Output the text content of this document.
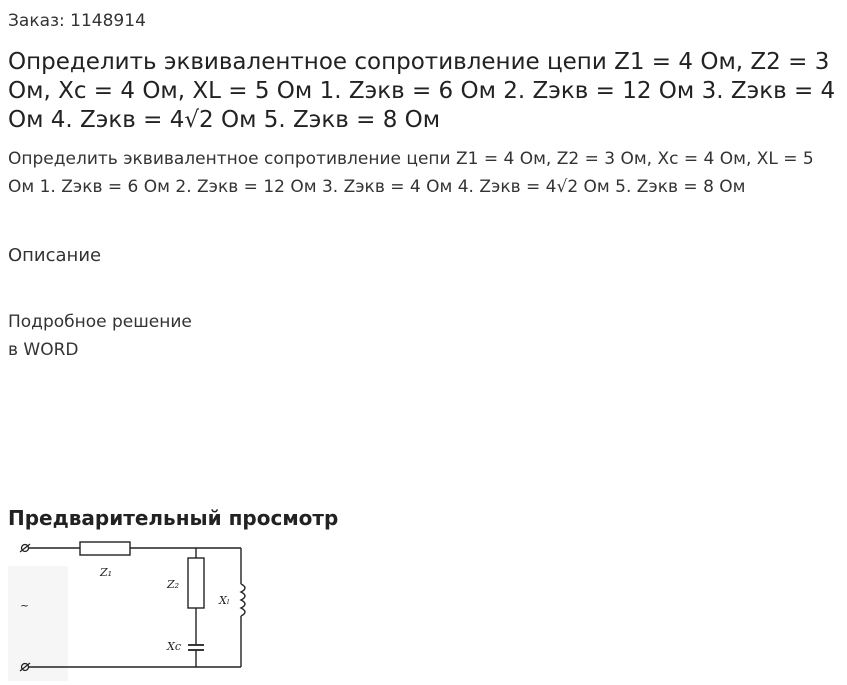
Заказ: 1148914
Определить эквивалентное сопротивление цепи Z1 = 4 Ом, Z2 = 3 Ом, Xc = 4 Ом, XL = 5 Ом 1. Zэкв = 6 Ом 2. Zэкв = 12 Ом 3. Zэкв = 4 Ом 4. Zэкв = 4√2 Ом 5. Zэкв = 8 Ом
Определить эквивалентное сопротивление цепи Z1 = 4 Ом, Z2 = 3 Ом, Xc = 4 Ом, XL = 5 Ом 1. Zэкв = 6 Ом 2. Zэкв = 12 Ом 3. Zэкв = 4 Ом 4. Zэкв = 4√2 Ом 5. Zэкв = 8 Ом
Описание
Подробное решение
в WORD
Предварительный просмотр
Z₁
Z₂
Xₗ
Xc
~
